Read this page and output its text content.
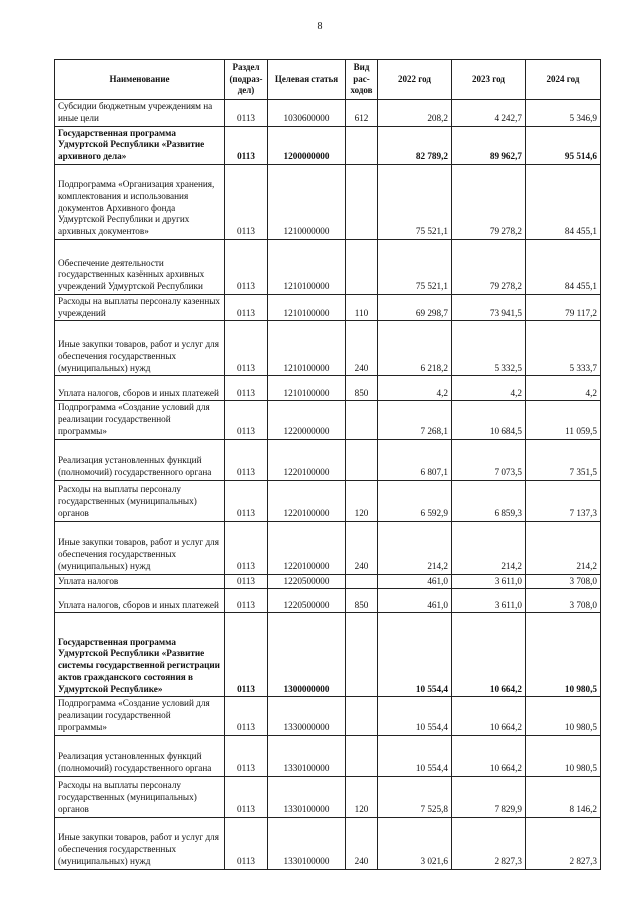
8
Наименование	Раздел (подраз-дел)	Целевая статья	Вид рас-ходов	2022 год	2023 год	2024 год
Субсидии бюджетным учреждениям на иные цели	0113	1030600000	612	208,2	4 242,7	5 346,9
Государственная программа Удмуртской Республики «Развитие архивного дела»	0113	1200000000		82 789,2	89 962,7	95 514,6
Подпрограмма «Организация хранения, комплектования и использования документов Архивного фонда Удмуртской Республики и других архивных документов»	0113	1210000000		75 521,1	79 278,2	84 455,1
Обеспечение деятельности государственных казённых архивных учреждений Удмуртской Республики	0113	1210100000		75 521,1	79 278,2	84 455,1
Расходы на выплаты персоналу казенных учреждений	0113	1210100000	110	69 298,7	73 941,5	79 117,2
Иные закупки товаров, работ и услуг для обеспечения государственных (муниципальных) нужд	0113	1210100000	240	6 218,2	5 332,5	5 333,7
Уплата налогов, сборов и иных платежей	0113	1210100000	850	4,2	4,2	4,2
Подпрограмма «Создание условий для реализации государственной программы»	0113	1220000000		7 268,1	10 684,5	11 059,5
Реализация установленных функций (полномочий) государственного органа	0113	1220100000		6 807,1	7 073,5	7 351,5
Расходы на выплаты персоналу государственных (муниципальных) органов	0113	1220100000	120	6 592,9	6 859,3	7 137,3
Иные закупки товаров, работ и услуг для обеспечения государственных (муниципальных) нужд	0113	1220100000	240	214,2	214,2	214,2
Уплата налогов	0113	1220500000		461,0	3 611,0	3 708,0
Уплата налогов, сборов и иных платежей	0113	1220500000	850	461,0	3 611,0	3 708,0
Государственная программа Удмуртской Республики «Развитие системы государственной регистрации актов гражданского состояния в Удмуртской Республике»	0113	1300000000		10 554,4	10 664,2	10 980,5
Подпрограмма «Создание условий для реализации государственной программы»	0113	1330000000		10 554,4	10 664,2	10 980,5
Реализация установленных функций (полномочий) государственного органа	0113	1330100000		10 554,4	10 664,2	10 980,5
Расходы на выплаты персоналу государственных (муниципальных) органов	0113	1330100000	120	7 525,8	7 829,9	8 146,2
Иные закупки товаров, работ и услуг для обеспечения государственных (муниципальных) нужд	0113	1330100000	240	3 021,6	2 827,3	2 827,3
